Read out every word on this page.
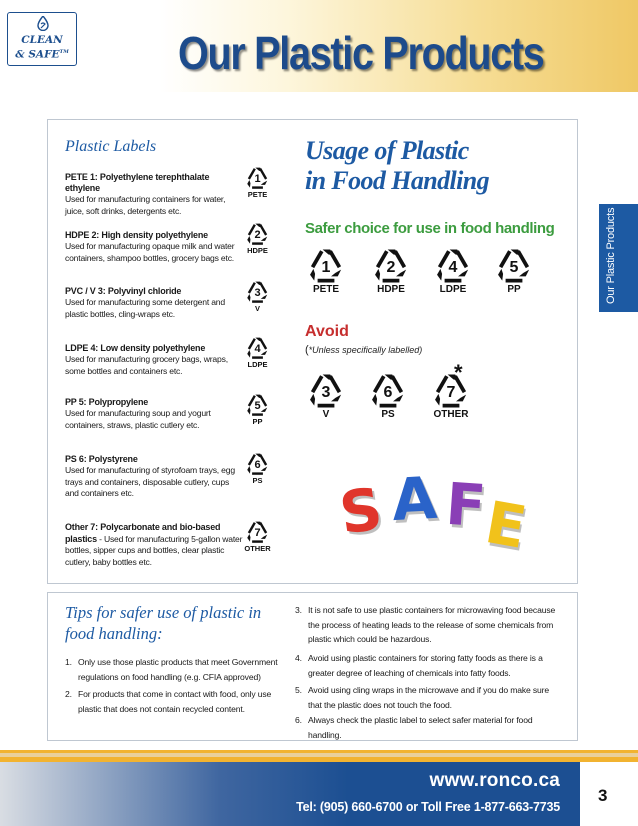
CLEAN
& SAFE™ Our Plastic Products
Our Plastic Products
Plastic Labels
PETE 1: Polyethylene terephthalate ethylene
Used for manufacturing containers for water, juice, soft drinks, detergents etc.
1
PETE
HDPE 2: High density polyethylene
Used for manufacturing opaque milk and water containers, shampoo bottles, grocery bags etc.
2
HDPE
PVC / V 3: Polyvinyl chloride
Used for manufacturing some detergent and plastic bottles, cling-wraps etc.
3
V
LDPE 4: Low density polyethylene
Used for manufacturing grocery bags, wraps, some bottles and containers etc.
4
LDPE
PP 5: Polypropylene
Used for manufacturing soup and yogurt containers, straws, plastic cutlery etc.
5
PP
PS 6: Polystyrene
Used for manufacturing of styrofoam trays, egg trays and containers, disposable cutlery, cups and containers etc.
6
PS
Other 7: Polycarbonate and bio-based plastics - Used for manufacturing 5-gallon water bottles, sipper cups and bottles, clear plastic cutlery, baby bottles etc.
7
OTHER
Usage of Plastic
in Food Handling
Safer choice for use in food handling
1
PETE
2
HDPE
4
LDPE
5
PP
Avoid
(*Unless specifically labelled)
3
V
6
PS
7
OTHER
*
S A F
E
Tips for safer use of plastic in food handling:
1. Only use those plastic products that meet Government regulations on food handling (e.g. CFIA approved)
2. For products that come in contact with food, only use plastic that does not contain recycled content.
3. It is not safe to use plastic containers for microwaving food because the process of heating leads to the release of some chemicals from plastic which could be hazardous.
4. Avoid using plastic containers for storing fatty foods as there is a greater degree of leaching of chemicals into fatty foods.
5. Avoid using cling wraps in the microwave and if you do make sure that the plastic does not touch the food.
6. Always check the plastic label to select safer material for food handling.
www.ronco.ca
Tel: (905) 660-6700 or Toll Free 1-877-663-7735
3
